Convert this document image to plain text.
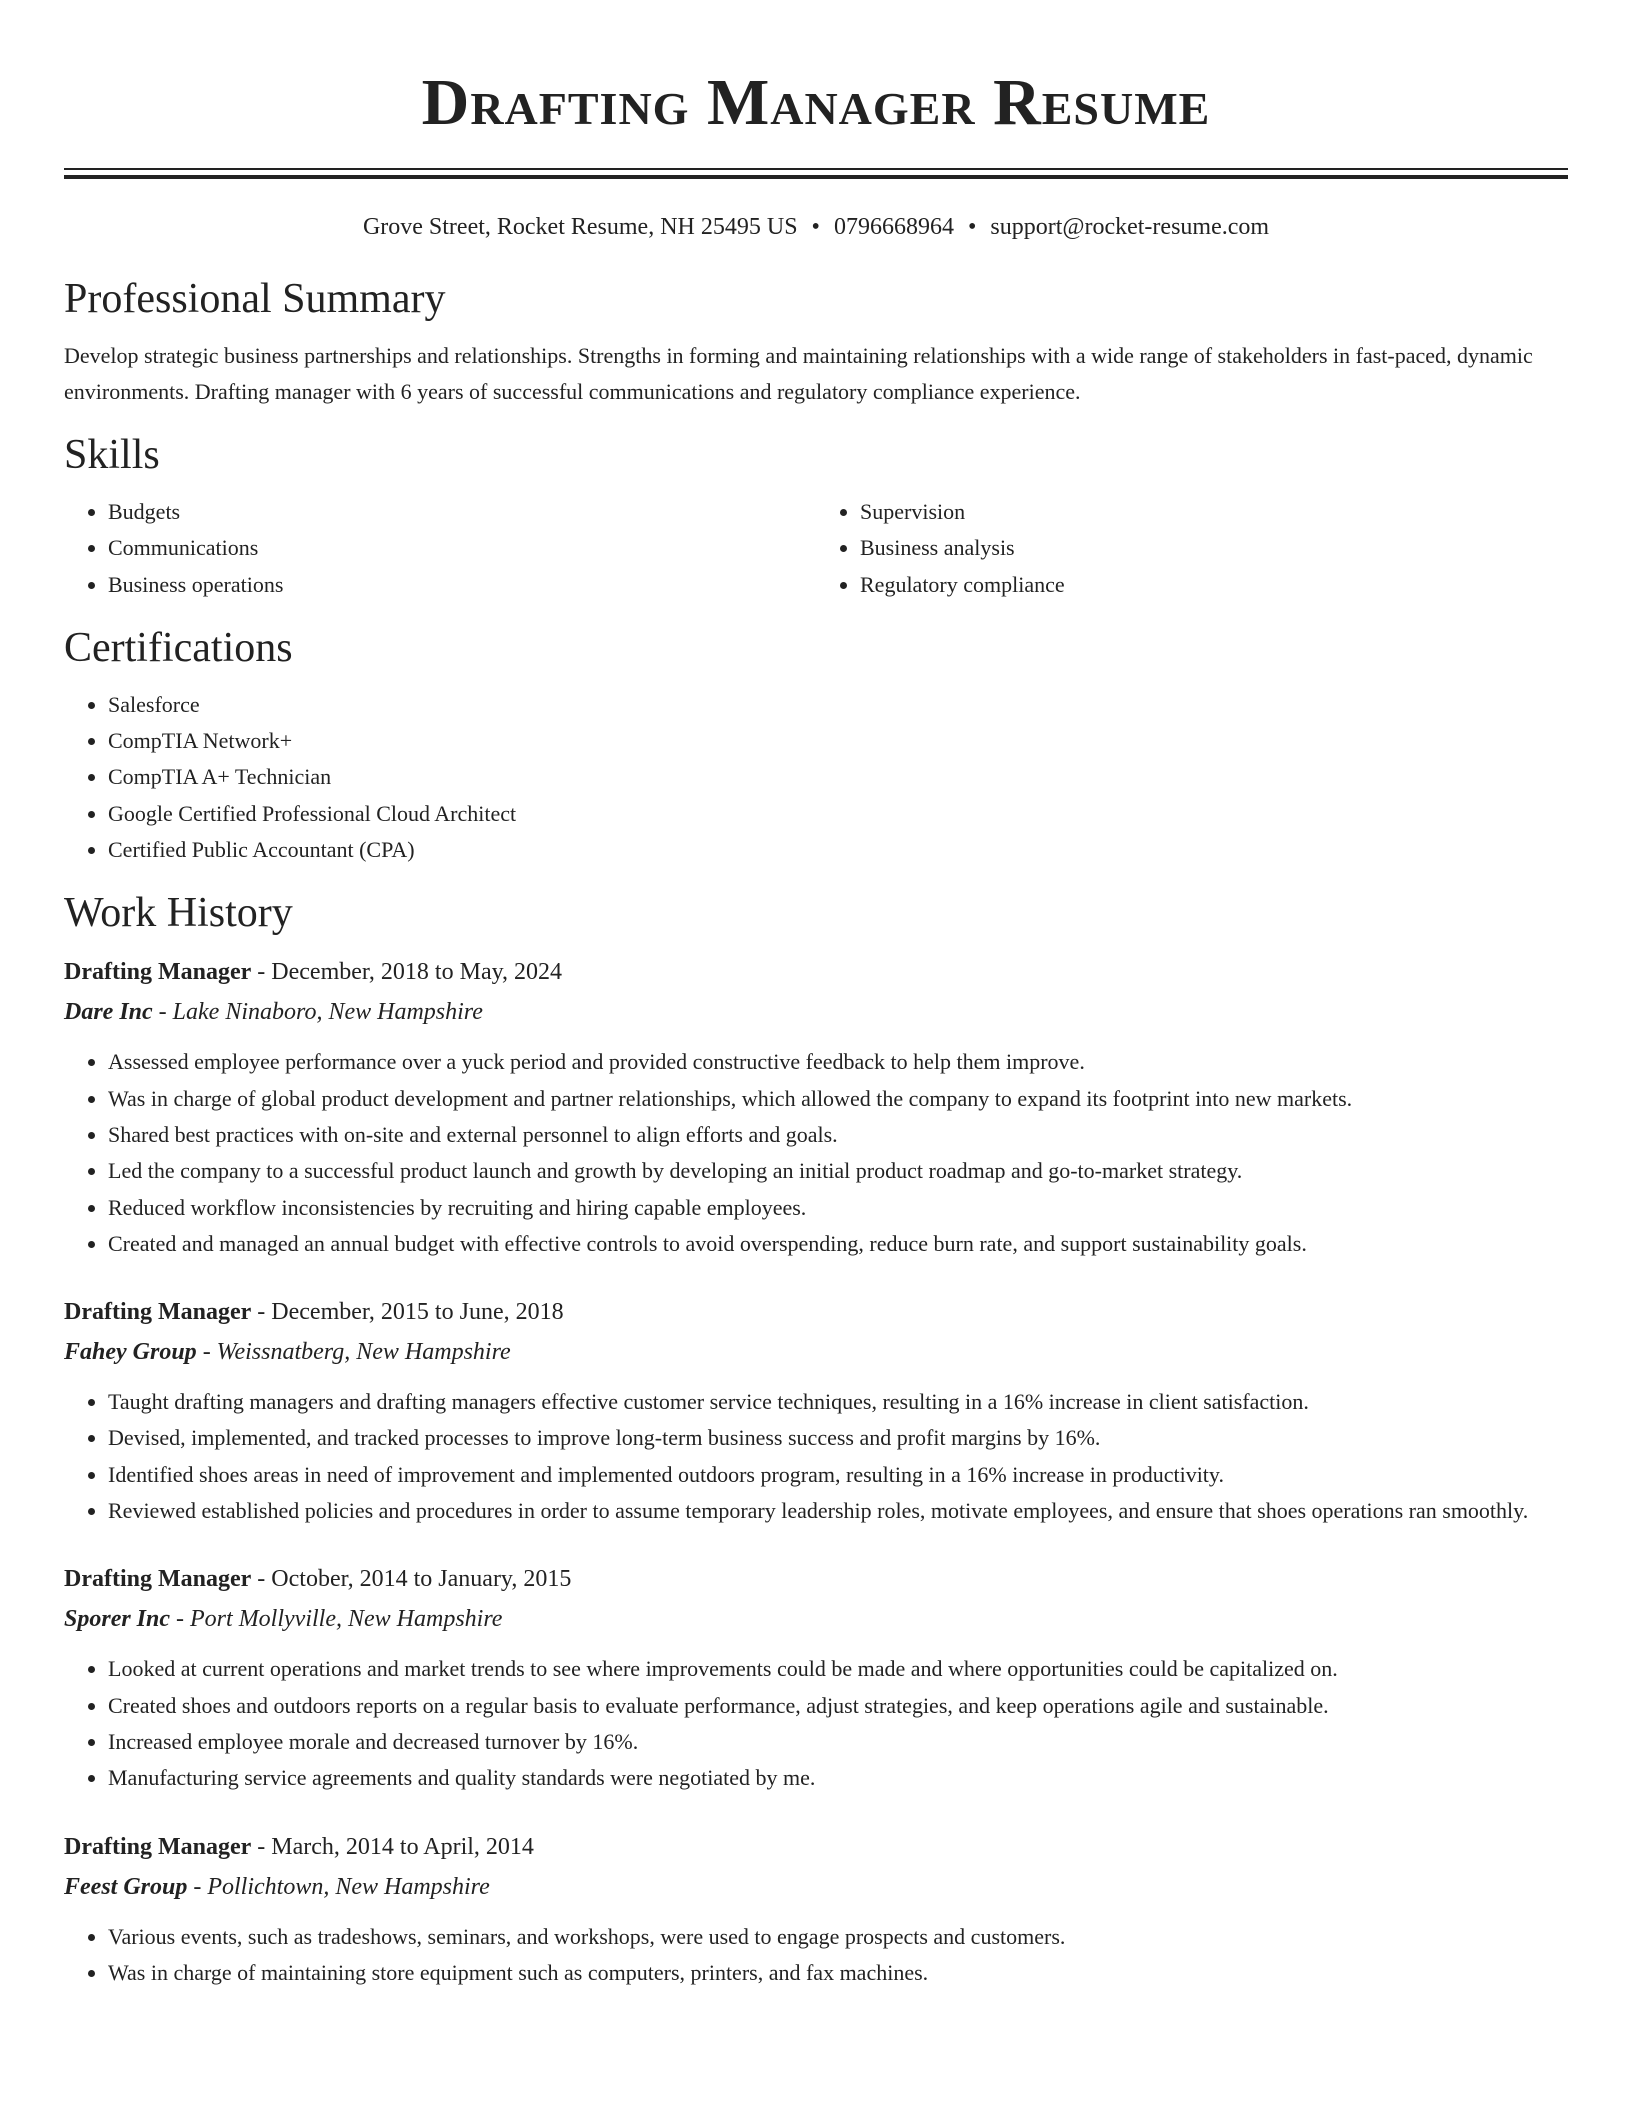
Drafting Manager Resume
Grove Street, Rocket Resume, NH 25495 US • 0796668964 • support@rocket-resume.com
Professional Summary

Develop strategic business partnerships and relationships. Strengths in forming and maintaining relationships with a wide range of stakeholders in fast-paced, dynamic environments. Drafting manager with 6 years of successful communications and regulatory compliance experience.

Skills
• Budgets
• Communications
• Business operations
• Supervision
• Business analysis
• Regulatory compliance
Certifications
• Salesforce
• CompTIA Network+
• CompTIA A+ Technician
• Google Certified Professional Cloud Architect
• Certified Public Accountant (CPA)
Work History
Drafting Manager - December, 2018 to May, 2024
Dare Inc - Lake Ninaboro, New Hampshire
• Assessed employee performance over a yuck period and provided constructive feedback to help them improve.
• Was in charge of global product development and partner relationships, which allowed the company to expand its footprint into new markets.
• Shared best practices with on-site and external personnel to align efforts and goals.
• Led the company to a successful product launch and growth by developing an initial product roadmap and go-to-market strategy.
• Reduced workflow inconsistencies by recruiting and hiring capable employees.
• Created and managed an annual budget with effective controls to avoid overspending, reduce burn rate, and support sustainability goals.
Drafting Manager - December, 2015 to June, 2018
Fahey Group - Weissnatberg, New Hampshire
• Taught drafting managers and drafting managers effective customer service techniques, resulting in a 16% increase in client satisfaction.
• Devised, implemented, and tracked processes to improve long-term business success and profit margins by 16%.
• Identified shoes areas in need of improvement and implemented outdoors program, resulting in a 16% increase in productivity.
• Reviewed established policies and procedures in order to assume temporary leadership roles, motivate employees, and ensure that shoes operations ran smoothly.
Drafting Manager - October, 2014 to January, 2015
Sporer Inc - Port Mollyville, New Hampshire
• Looked at current operations and market trends to see where improvements could be made and where opportunities could be capitalized on.
• Created shoes and outdoors reports on a regular basis to evaluate performance, adjust strategies, and keep operations agile and sustainable.
• Increased employee morale and decreased turnover by 16%.
• Manufacturing service agreements and quality standards were negotiated by me.
Drafting Manager - March, 2014 to April, 2014
Feest Group - Pollichtown, New Hampshire
• Various events, such as tradeshows, seminars, and workshops, were used to engage prospects and customers.
• Was in charge of maintaining store equipment such as computers, printers, and fax machines.
